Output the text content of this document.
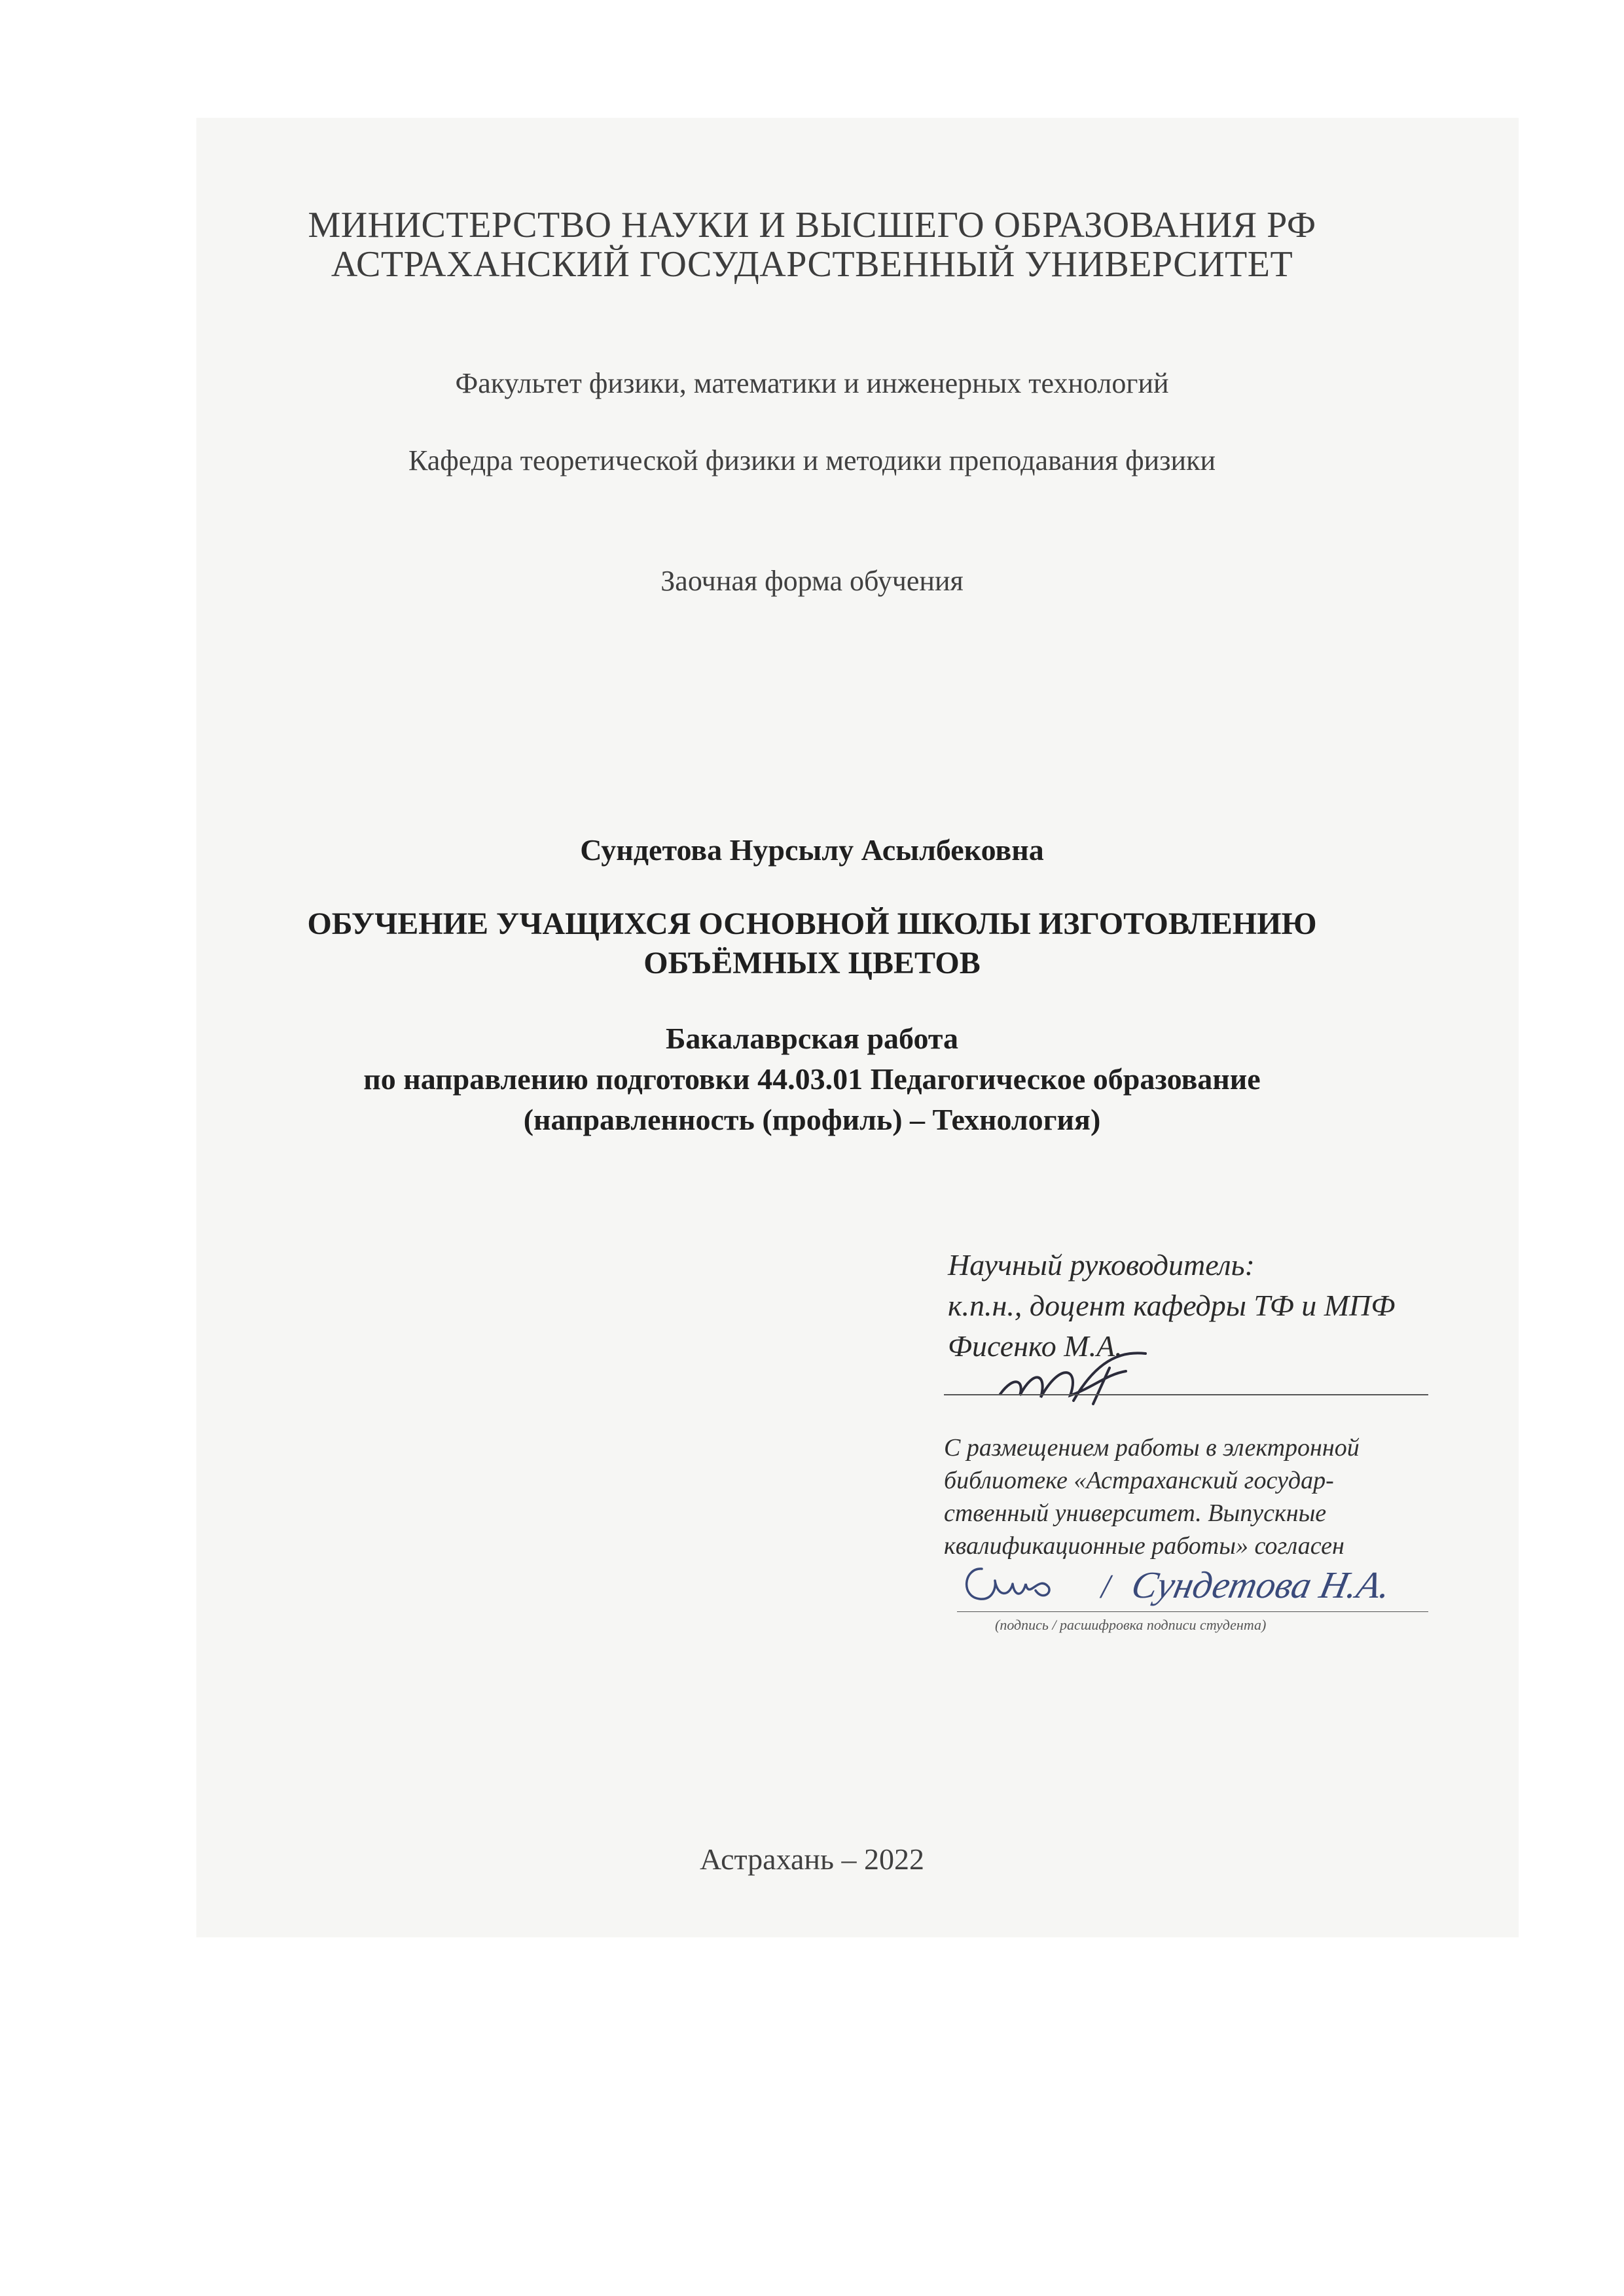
МИНИСТЕРСТВО НАУКИ И ВЫСШЕГО ОБРАЗОВАНИЯ РФ
АСТРАХАНСКИЙ ГОСУДАРСТВЕННЫЙ УНИВЕРСИТЕТ
Факультет физики, математики и инженерных технологий
Кафедра теоретической физики и методики преподавания физики
Заочная форма обучения
Сундетова Нурсылу Асылбековна
ОБУЧЕНИЕ УЧАЩИХСЯ ОСНОВНОЙ ШКОЛЫ ИЗГОТОВЛЕНИЮ
ОБЪЁМНЫХ ЦВЕТОВ
Бакалаврская работа
по направлению подготовки 44.03.01 Педагогическое образование
(направленность (профиль) – Технология)
Научный руководитель:
к.п.н., доцент кафедры ТФ и МПФ
Фисенко М.А.
С размещением работы в электронной
библиотеке «Астраханский государ-
ственный университет. Выпускные
квалификационные работы» согласен
/ Сундетова Н.А.
(подпись / расшифровка подписи студента)
Астрахань – 2022
